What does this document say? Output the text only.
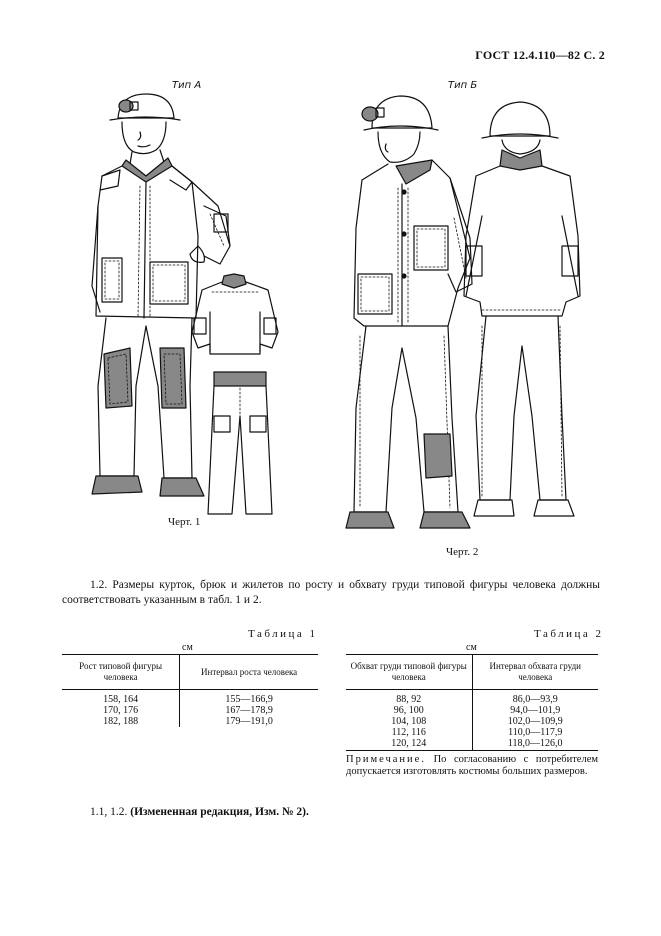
ГОСТ 12.4.110—82 С. 2
Тип А
Черт. 1
Тип Б
Черт. 2
1.2. Размеры курток, брюк и жилетов по росту и обхвату груди типовой фигуры человека должны соответствовать указанным в табл. 1 и 2.
Таблица 1
см
Рост типовой фигуры человека	Интервал роста человека
158, 164	155—166,9
170, 176	167—178,9
182, 188	179—191,0
Таблица 2
см
Обхват груди типовой фигуры человека	Интервал обхвата груди человека
88, 92	86,0—93,9
96, 100	94,0—101,9
104, 108	102,0—109,9
112, 116	110,0—117,9
120, 124	118,0—126,0
Примечание. По согласованию с потребителем допускается изготовлять костюмы больших размеров.
1.1, 1.2. (Измененная редакция, Изм. № 2).
